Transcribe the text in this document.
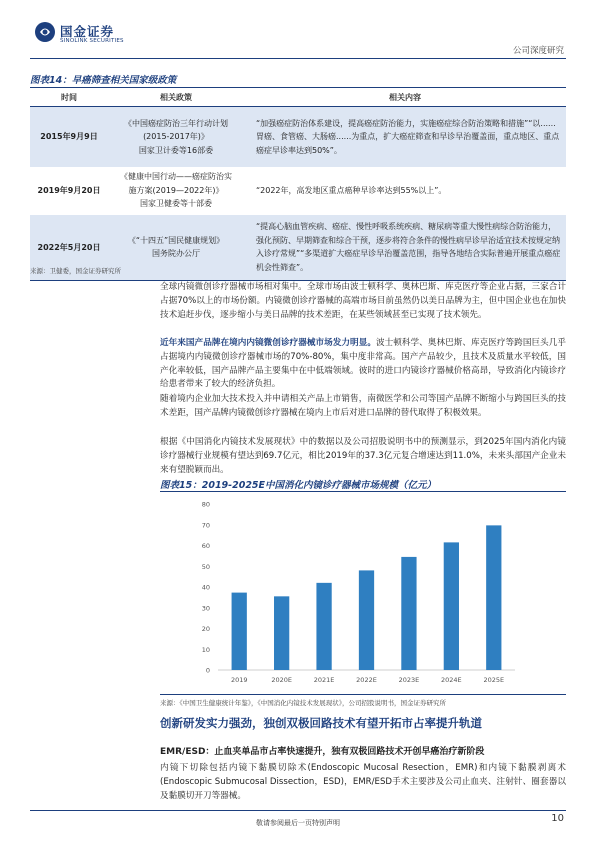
国金证券
SINOLINK SECURITIES
公司深度研究
图表14：早癌筛查相关国家级政策
时间	相关政策	相关内容
2015年9月9日	《中国癌症防治三年行动计划
(2015-2017年)》
国家卫计委等16部委	“加强癌症防治体系建设，提高癌症防治能力，实施癌症综合防治策略和措施”“以......胃癌、食管癌、大肠癌......为重点，扩大癌症筛查和早诊早治覆盖面，重点地区、重点癌症早诊率达到50%”。
2019年9月20日	《健康中国行动——癌症防治实
施方案(2019—2022年)》
国家卫健委等十部委	“2022年，高发地区重点癌种早诊率达到55%以上”。
2022年5月20日	《“十四五”国民健康规划》
国务院办公厅	“提高心脑血管疾病、癌症、慢性呼吸系统疾病、糖尿病等重大慢性病综合防治能力，强化预防、早期筛查和综合干预，逐步将符合条件的慢性病早诊早治适宜技术按规定纳入诊疗常规”“多渠道扩大癌症早诊早治覆盖范围，指导各地结合实际普遍开展重点癌症机会性筛查”。
来源：卫健委，国金证券研究所
全球内镜微创诊疗器械市场相对集中。全球市场由波士顿科学、奥林巴斯、库克医疗等企业占据，三家合计占据70%以上的市场份额。内镜微创诊疗器械的高端市场目前虽然仍以美日品牌为主，但中国企业也在加快技术追赶步伐，逐步缩小与美日品牌的技术差距，在某些领域甚至已实现了技术领先。
近年来国产品牌在境内内镜微创诊疗器械市场发力明显。波士顿科学、奥林巴斯、库克医疗等跨国巨头几乎占据境内内镜微创诊疗器械市场的70%-80%，集中度非常高。国产产品较少，且技术及质量水平较低，国产化率较低，国产品牌产品主要集中在中低端领域。彼时的进口内镜诊疗器械价格高昂，导致消化内镜诊疗给患者带来了较大的经济负担。
随着境内企业加大技术投入并申请相关产品上市销售，南微医学和公司等国产品牌不断缩小与跨国巨头的技术差距，国产品牌内镜微创诊疗器械在境内上市后对进口品牌的替代取得了积极效果。
根据《中国消化内镜技术发展现状》中的数据以及公司招股说明书中的预测显示，到2025年国内消化内镜诊疗器械行业规模有望达到69.7亿元，相比2019年的37.3亿元复合增速达到11.0%，未来头部国产企业未来有望脱颖而出。
图表15：2019-2025E中国消化内镜诊疗器械市场规模（亿元）
0
10
20
30
40
50
60
70
80
2019	2020E	2021E	2022E	2023E	2024E	2025E
来源：《中国卫生健康统计年鉴》，《中国消化内镜技术发展现状》，公司招股说明书，国金证券研究所
创新研发实力强劲，独创双极回路技术有望开拓市占率提升轨道
EMR/ESD：止血夹单品市占率快速提升，独有双极回路技术开创早癌治疗新阶段
内镜下切除包括内镜下黏膜切除术(Endoscopic Mucosal Resection，EMR)和内镜下黏膜剥离术(Endoscopic Submucosal Dissection，ESD)，EMR/ESD手术主要涉及公司止血夹、注射针、圈套器以及黏膜切开刀等器械。
敬请参阅最后一页特别声明	10
